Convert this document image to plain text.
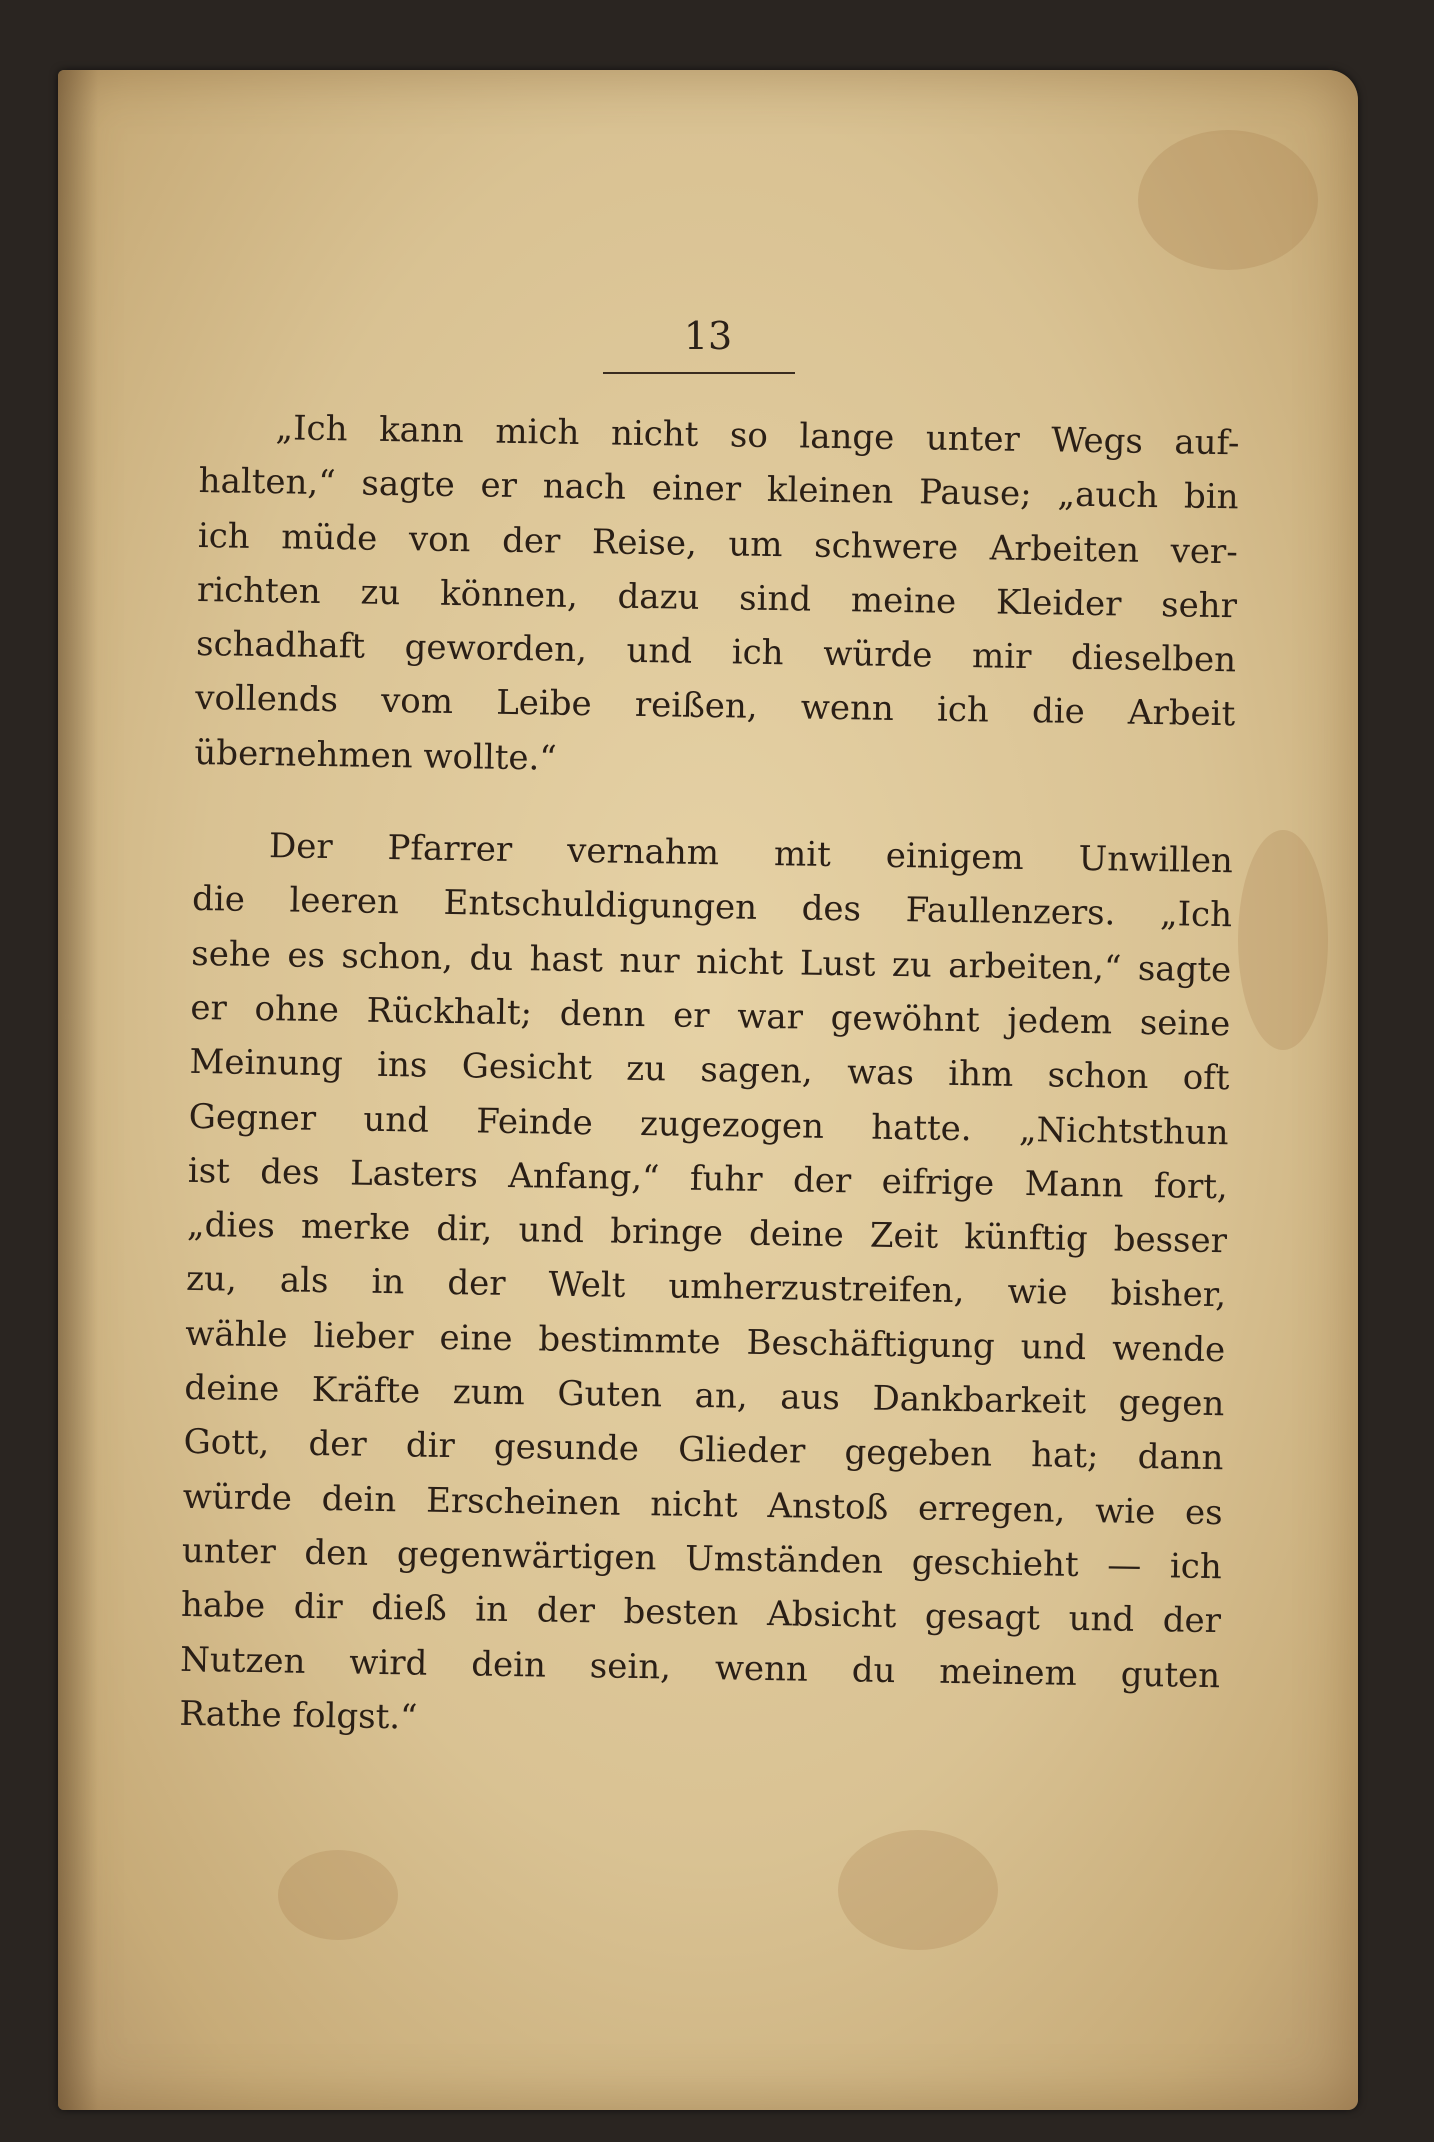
13

„Ich kann mich nicht so lange unter Wegs auf-
halten,“ sagte er nach einer kleinen Pause; „auch bin
ich müde von der Reise, um schwere Arbeiten ver-
richten zu können, dazu sind meine Kleider sehr
schadhaft geworden, und ich würde mir dieselben
vollends vom Leibe reißen, wenn ich die Arbeit
übernehmen wollte.“
Der Pfarrer vernahm mit einigem Unwillen
die leeren Entschuldigungen des Faullenzers. „Ich
sehe es schon, du hast nur nicht Lust zu arbeiten,“ sagte
er ohne Rückhalt; denn er war gewöhnt jedem seine
Meinung ins Gesicht zu sagen, was ihm schon oft
Gegner und Feinde zugezogen hatte. „Nichtsthun
ist des Lasters Anfang,“ fuhr der eifrige Mann fort,
„dies merke dir, und bringe deine Zeit künftig besser
zu, als in der Welt umherzustreifen, wie bisher,
wähle lieber eine bestimmte Beschäftigung und wende
deine Kräfte zum Guten an, aus Dankbarkeit gegen
Gott, der dir gesunde Glieder gegeben hat; dann
würde dein Erscheinen nicht Anstoß erregen, wie es
unter den gegenwärtigen Umständen geschieht — ich
habe dir dieß in der besten Absicht gesagt und der
Nutzen wird dein sein, wenn du meinem guten
Rathe folgst.“
